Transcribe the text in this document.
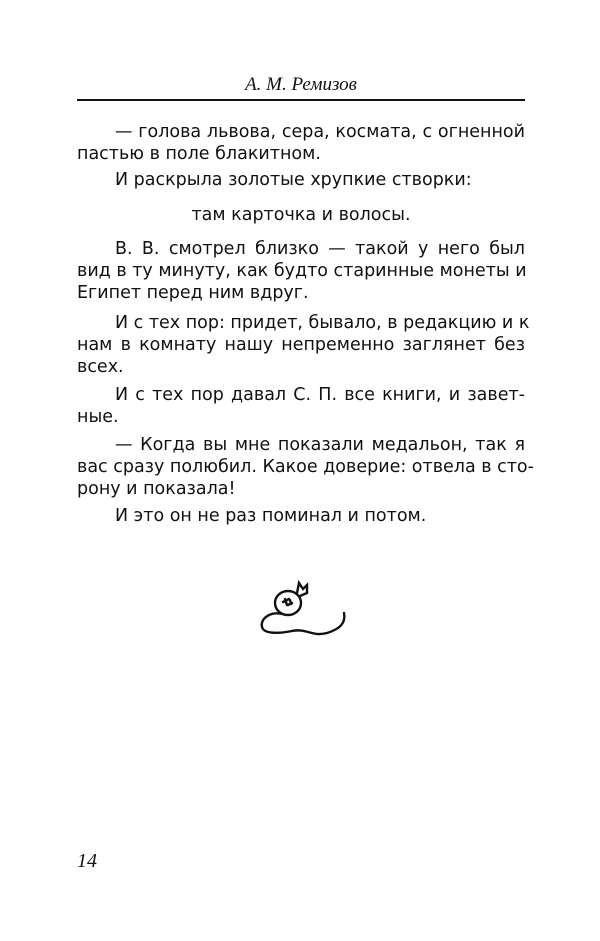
А. М. Ремизов
— голова львова, сера, космата, с огненной
пастью в поле блакитном.
И раскрыла золотые хрупкие створки:
там карточка и волосы.
В. В. смотрел близко — такой у него был
вид в ту минуту, как будто старинные монеты и
Египет перед ним вдруг.
И с тех пор: придет, бывало, в редакцию и к
нам в комнату нашу непременно заглянет без
всех.
И с тех пор давал С. П. все книги, и завет-
ные.
— Когда вы мне показали медальон, так я
вас сразу полюбил. Какое доверие: отвела в сто-
рону и показала!
И это он не раз поминал и потом.
14
